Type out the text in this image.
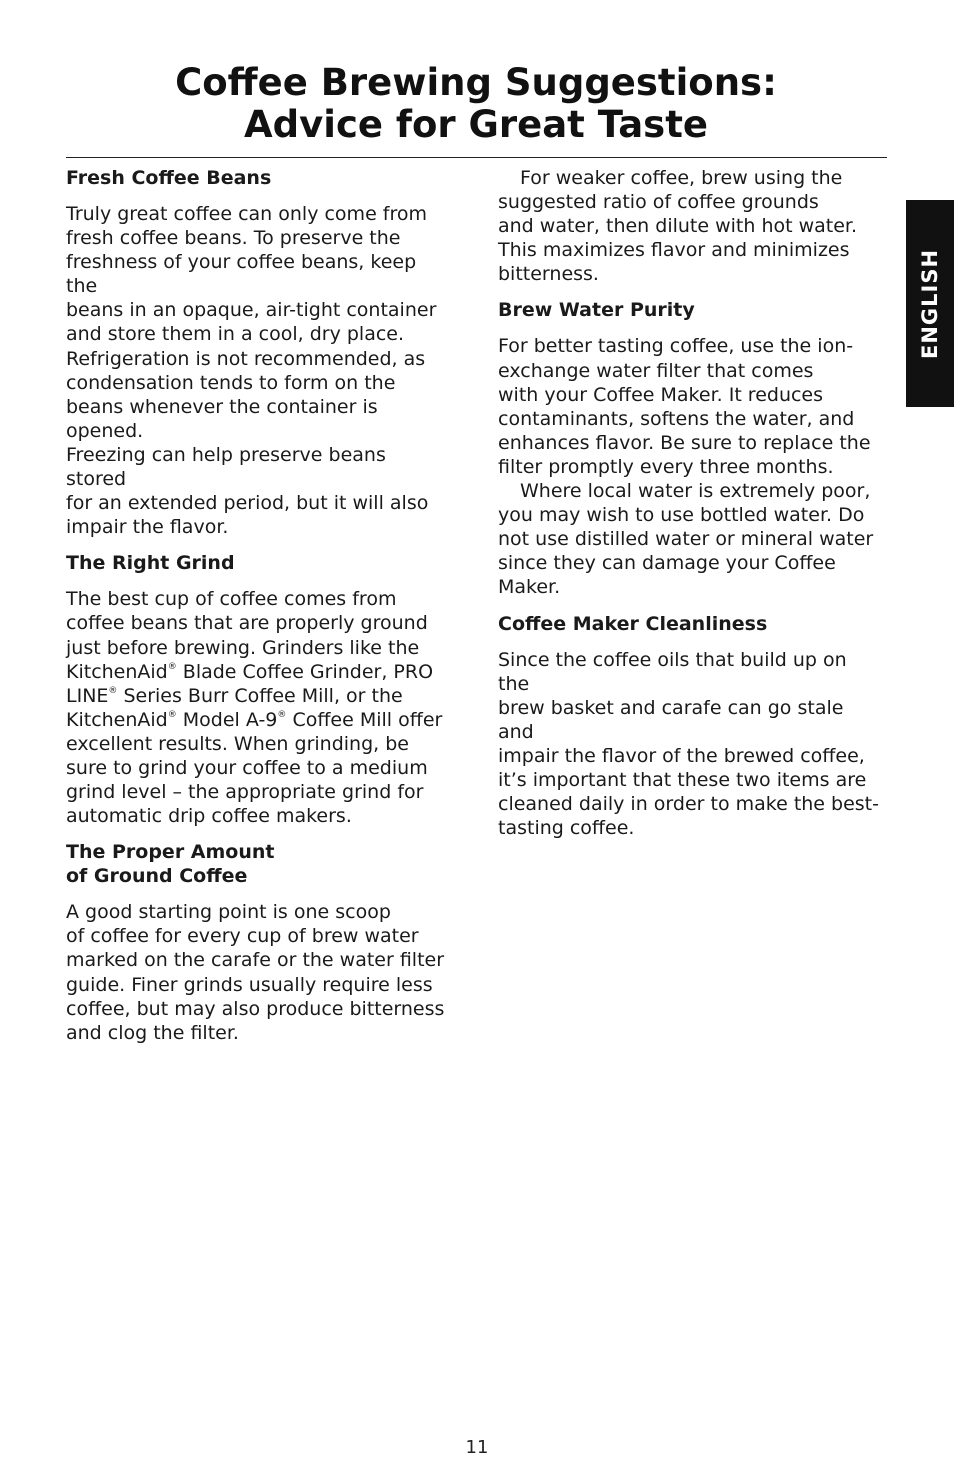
Coffee Brewing Suggestions:
Advice for Great Taste
ENGLISH
Fresh Coffee Beans

Truly great coffee can only come from
fresh coffee beans. To preserve the
freshness of your coffee beans, keep the
beans in an opaque, air-tight container
and store them in a cool, dry place.
Refrigeration is not recommended, as
condensation tends to form on the
beans whenever the container is opened.
Freezing can help preserve beans stored
for an extended period, but it will also
impair the flavor.

The Right Grind

The best cup of coffee comes from
coffee beans that are properly ground
just before brewing. Grinders like the
KitchenAid® Blade Coffee Grinder, PRO
LINE® Series Burr Coffee Mill, or the
KitchenAid® Model A-9® Coffee Mill offer
excellent results. When grinding, be
sure to grind your coffee to a medium
grind level – the appropriate grind for
automatic drip coffee makers.

The Proper Amount
of Ground Coffee

A good starting point is one scoop
of coffee for every cup of brew water
marked on the carafe or the water filter
guide. Finer grinds usually require less
coffee, but may also produce bitterness
and clog the filter.

For weaker coffee, brew using the
suggested ratio of coffee grounds
and water, then dilute with hot water.
This maximizes flavor and minimizes
bitterness.

Brew Water Purity

For better tasting coffee, use the ion-
exchange water filter that comes
with your Coffee Maker. It reduces
contaminants, softens the water, and
enhances flavor. Be sure to replace the
filter promptly every three months.
Where local water is extremely poor,
you may wish to use bottled water. Do
not use distilled water or mineral water
since they can damage your Coffee
Maker.

Coffee Maker Cleanliness

Since the coffee oils that build up on the
brew basket and carafe can go stale and
impair the flavor of the brewed coffee,
it’s important that these two items are
cleaned daily in order to make the best-
tasting coffee.

11
